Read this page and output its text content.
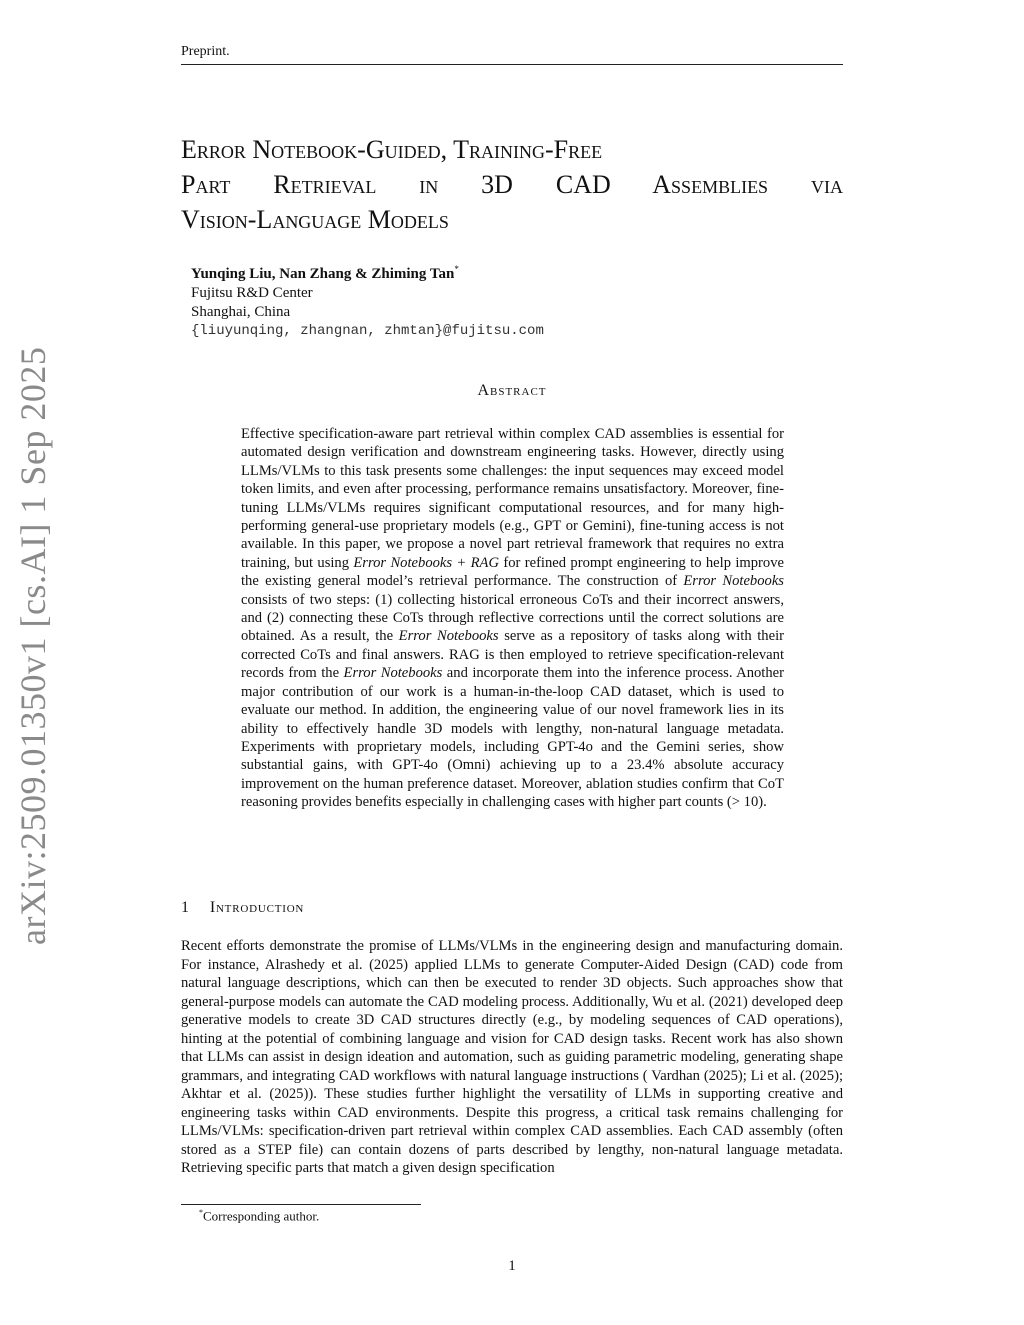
Preprint.
arXiv:2509.01350v1 [cs.AI] 1 Sep 2025
Error Notebook-Guided, Training-Free
Part Retrieval in 3D CAD Assemblies via
Vision-Language Models
Yunqing Liu, Nan Zhang & Zhiming Tan*
Fujitsu R&D Center
Shanghai, China
{liuyunqing, zhangnan, zhmtan}@fujitsu.com
Abstract

Effective specification-aware part retrieval within complex CAD assemblies is essential for automated design verification and downstream engineering tasks. However, directly using LLMs/VLMs to this task presents some challenges: the input sequences may exceed model token limits, and even after processing, performance remains unsatisfactory. Moreover, fine-tuning LLMs/VLMs requires significant computational resources, and for many high-performing general-use proprietary models (e.g., GPT or Gemini), fine-tuning access is not available. In this paper, we propose a novel part retrieval framework that requires no extra training, but using Error Notebooks + RAG for refined prompt engineering to help improve the existing general model’s retrieval performance. The construction of Error Notebooks consists of two steps: (1) collecting historical erroneous CoTs and their incorrect answers, and (2) connecting these CoTs through reflective corrections until the correct solutions are obtained. As a result, the Error Notebooks serve as a repository of tasks along with their corrected CoTs and final answers. RAG is then employed to retrieve specification-relevant records from the Error Notebooks and incorporate them into the inference process. Another major contribution of our work is a human-in-the-loop CAD dataset, which is used to evaluate our method. In addition, the engineering value of our novel framework lies in its ability to effectively handle 3D models with lengthy, non-natural language metadata. Experiments with proprietary models, including GPT-4o and the Gemini series, show substantial gains, with GPT-4o (Omni) achieving up to a 23.4% absolute accuracy improvement on the human preference dataset. Moreover, ablation studies confirm that CoT reasoning provides benefits especially in challenging cases with higher part counts (> 10).

1 Introduction

Recent efforts demonstrate the promise of LLMs/VLMs in the engineering design and manufacturing domain. For instance, Alrashedy et al. (2025) applied LLMs to generate Computer-Aided Design (CAD) code from natural language descriptions, which can then be executed to render 3D objects. Such approaches show that general-purpose models can automate the CAD modeling process. Additionally, Wu et al. (2021) developed deep generative models to create 3D CAD structures directly (e.g., by modeling sequences of CAD operations), hinting at the potential of combining language and vision for CAD design tasks. Recent work has also shown that LLMs can assist in design ideation and automation, such as guiding parametric modeling, generating shape grammars, and integrating CAD workflows with natural language instructions ( Vardhan (2025); Li et al. (2025); Akhtar et al. (2025)). These studies further highlight the versatility of LLMs in supporting creative and engineering tasks within CAD environments. Despite this progress, a critical task remains challenging for LLMs/VLMs: specification-driven part retrieval within complex CAD assemblies. Each CAD assembly (often stored as a STEP file) can contain dozens of parts described by lengthy, non-natural language metadata. Retrieving specific parts that match a given design specification

*Corresponding author.
1
